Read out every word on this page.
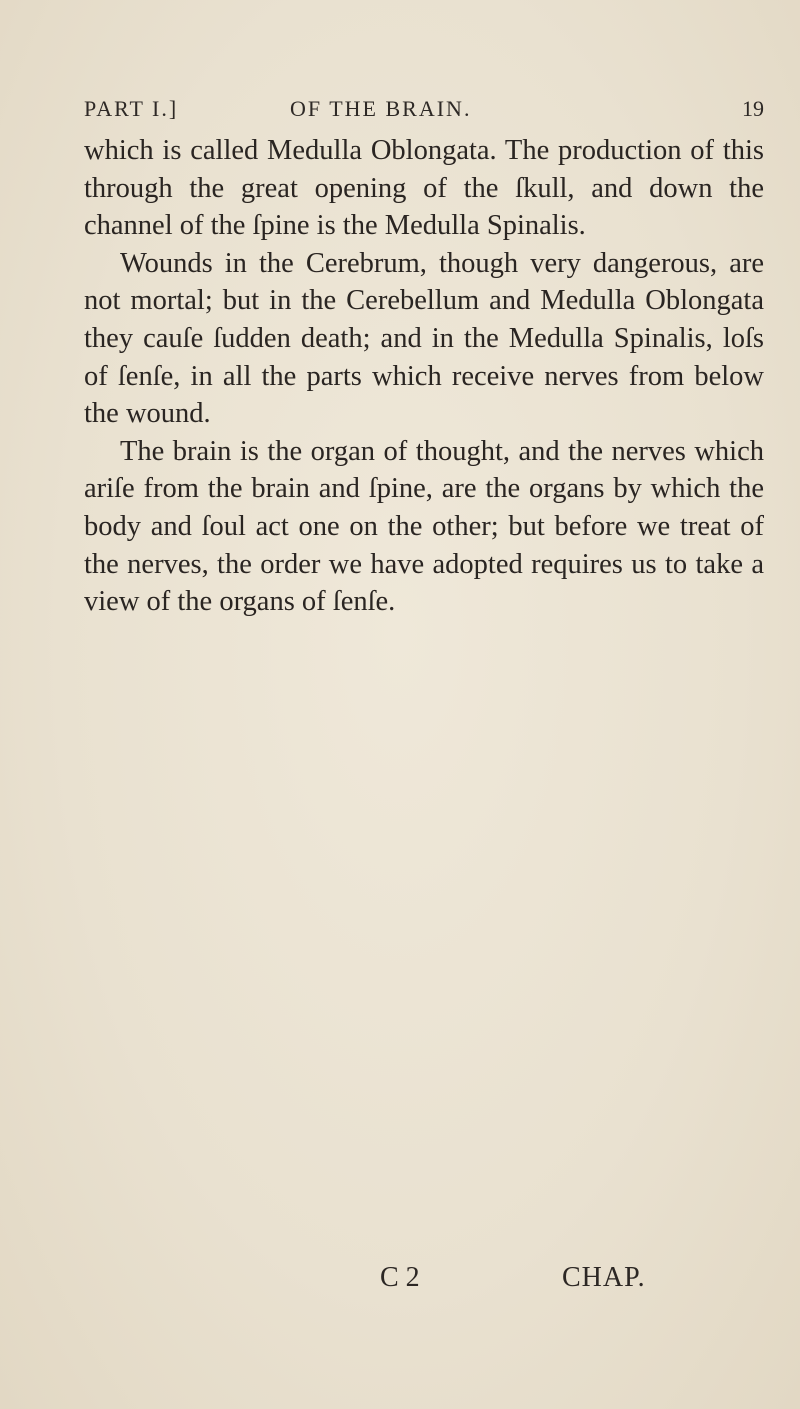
PART I.]	OF THE BRAIN.	19

which is called Medulla Oblongata. The production of this through the great opening of the ſkull, and down the channel of the ſpine is the Medulla Spinalis.

Wounds in the Cerebrum, though very dangerous, are not mortal; but in the Cerebellum and Medulla Oblongata they cauſe ſudden death; and in the Medulla Spinalis, loſs of ſenſe, in all the parts which receive nerves from below the wound.

The brain is the organ of thought, and the nerves which ariſe from the brain and ſpine, are the organs by which the body and ſoul act one on the other; but before we treat of the nerves, the order we have adopted requires us to take a view of the organs of ſenſe.

C 2	CHAP.
